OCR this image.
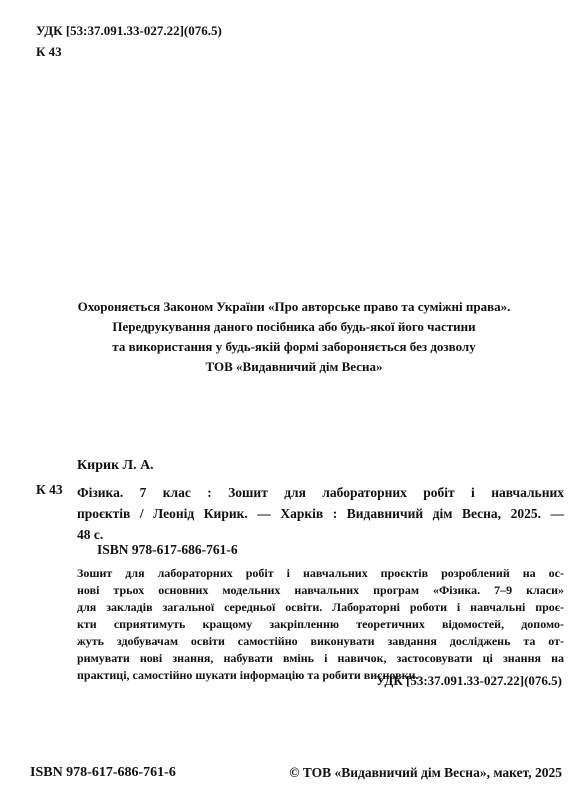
УДК [53:37.091.33-027.22](076.5)
К 43
Охороняється Законом України «Про авторське право та суміжні права».
Передрукування даного посібника або будь-якої його частини
та використання у будь-якій формі забороняється без дозволу
ТОВ «Видавничий дім Весна»
Кирик Л. А.
К 43 Фізика. 7 клас : Зошит для лабораторних робіт і навчальних
проєктів / Леонід Кирик. — Харків : Видавничий дім Весна, 2025. —
48 с.
ISBN 978-617-686-761-6
Зошит для лабораторних робіт і навчальних проєктів розроблений на ос-
нові трьох основних модельних навчальних програм «Фізика. 7–9 класи»
для закладів загальної середньої освіти. Лабораторні роботи і навчальні проє-
кти сприятимуть кращому закріпленню теоретичних відомостей, допомо-
жуть здобувачам освіти самостійно виконувати завдання досліджень та от-
римувати нові знання, набувати вмінь і навичок, застосовувати ці знання на
практиці, самостійно шукати інформацію та робити висновки.
УДК [53:37.091.33-027.22](076.5)
ISBN 978-617-686-761-6	© ТОВ «Видавничий дім Весна», макет, 2025
